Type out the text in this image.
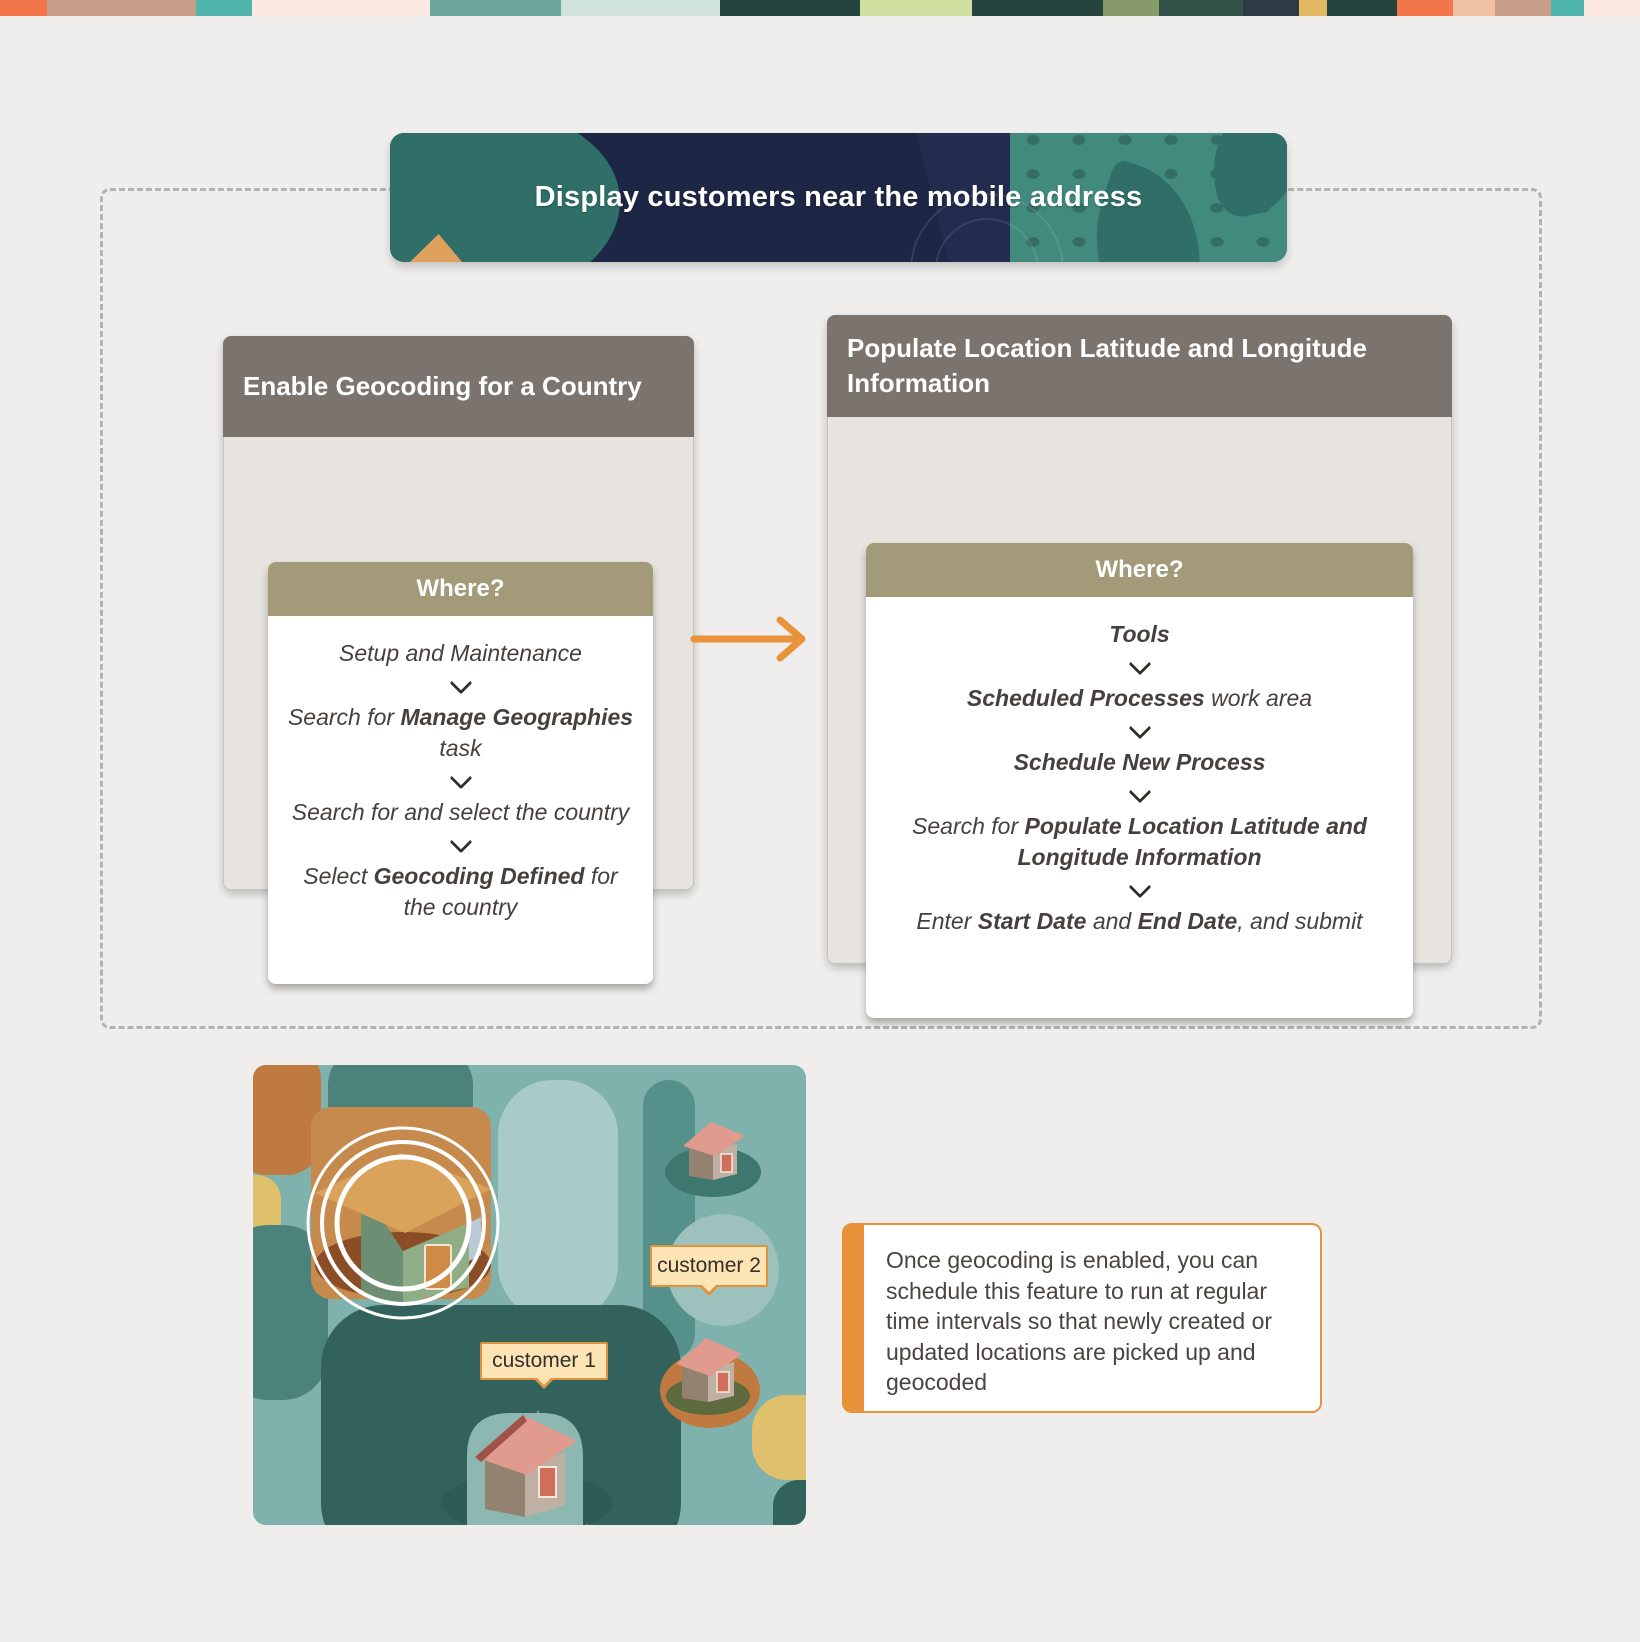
Display customers near the mobile address
Enable Geocoding for a Country
Where?
Setup and Maintenance
Search for Manage Geographies task
Search for and select the country
Select Geocoding Defined for the country
Populate Location Latitude and Longitude Information
Where?
Tools
Scheduled Processes work area
Schedule New Process
Search for Populate Location Latitude and Longitude Information
Enter Start Date and End Date, and submit
customer 1
customer 2	Once geocoding is enabled, you can schedule this feature to run at regular time intervals so that newly created or updated locations are picked up and geocoded
